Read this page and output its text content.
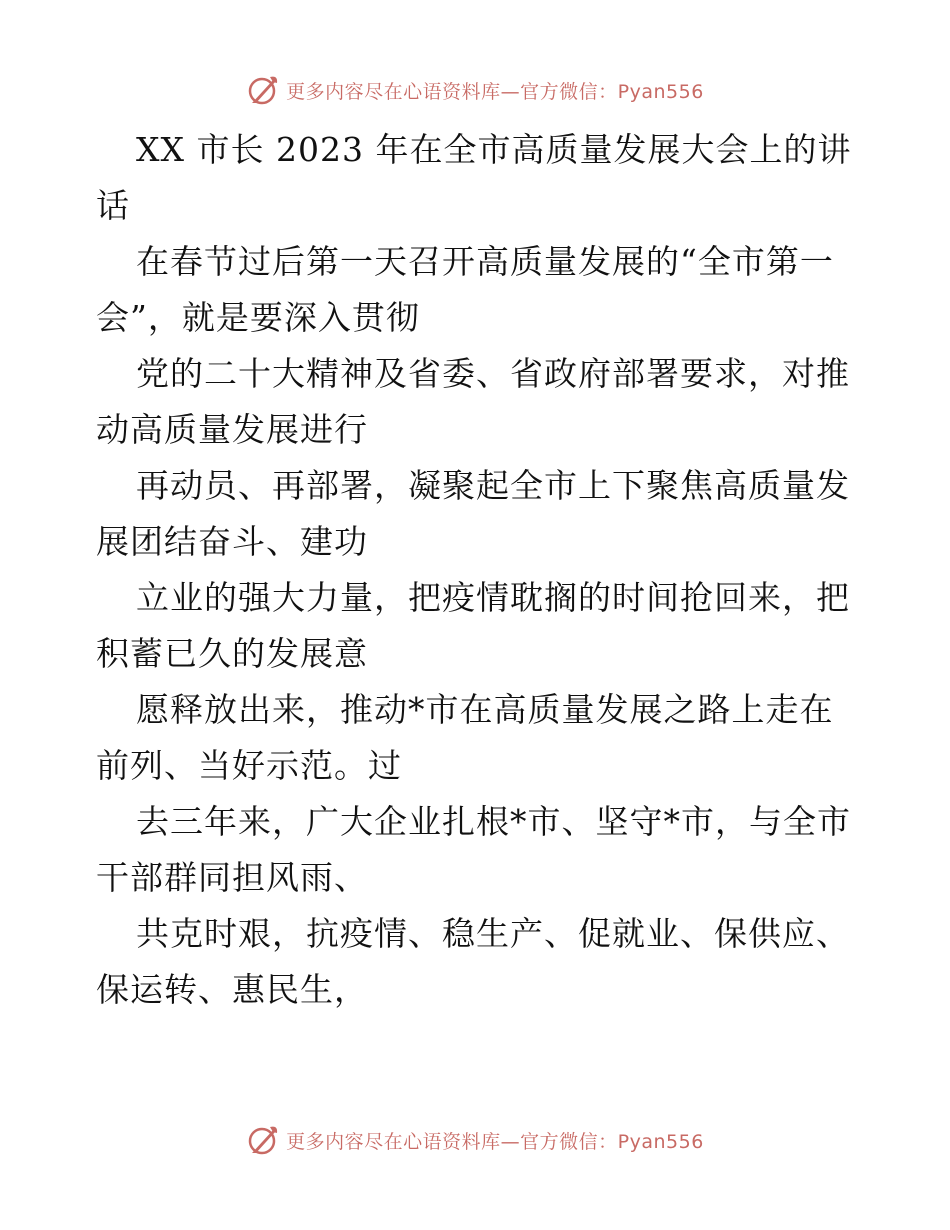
更多内容尽在心语资料库—官方微信：Pyan556
XX 市长 2023 年在全市高质量发展大会上的讲
话
在春节过后第一天召开高质量发展的“全市第一
会”，就是要深入贯彻
党的二十大精神及省委、省政府部署要求，对推
动高质量发展进行
再动员、再部署，凝聚起全市上下聚焦高质量发
展团结奋斗、建功
立业的强大力量，把疫情耽搁的时间抢回来，把
积蓄已久的发展意
愿释放出来，推动*市在高质量发展之路上走在
前列、当好示范。过
去三年来，广大企业扎根*市、坚守*市，与全市
干部群同担风雨、
共克时艰，抗疫情、稳生产、促就业、保供应、
保运转、惠民生，
更多内容尽在心语资料库—官方微信：Pyan556
